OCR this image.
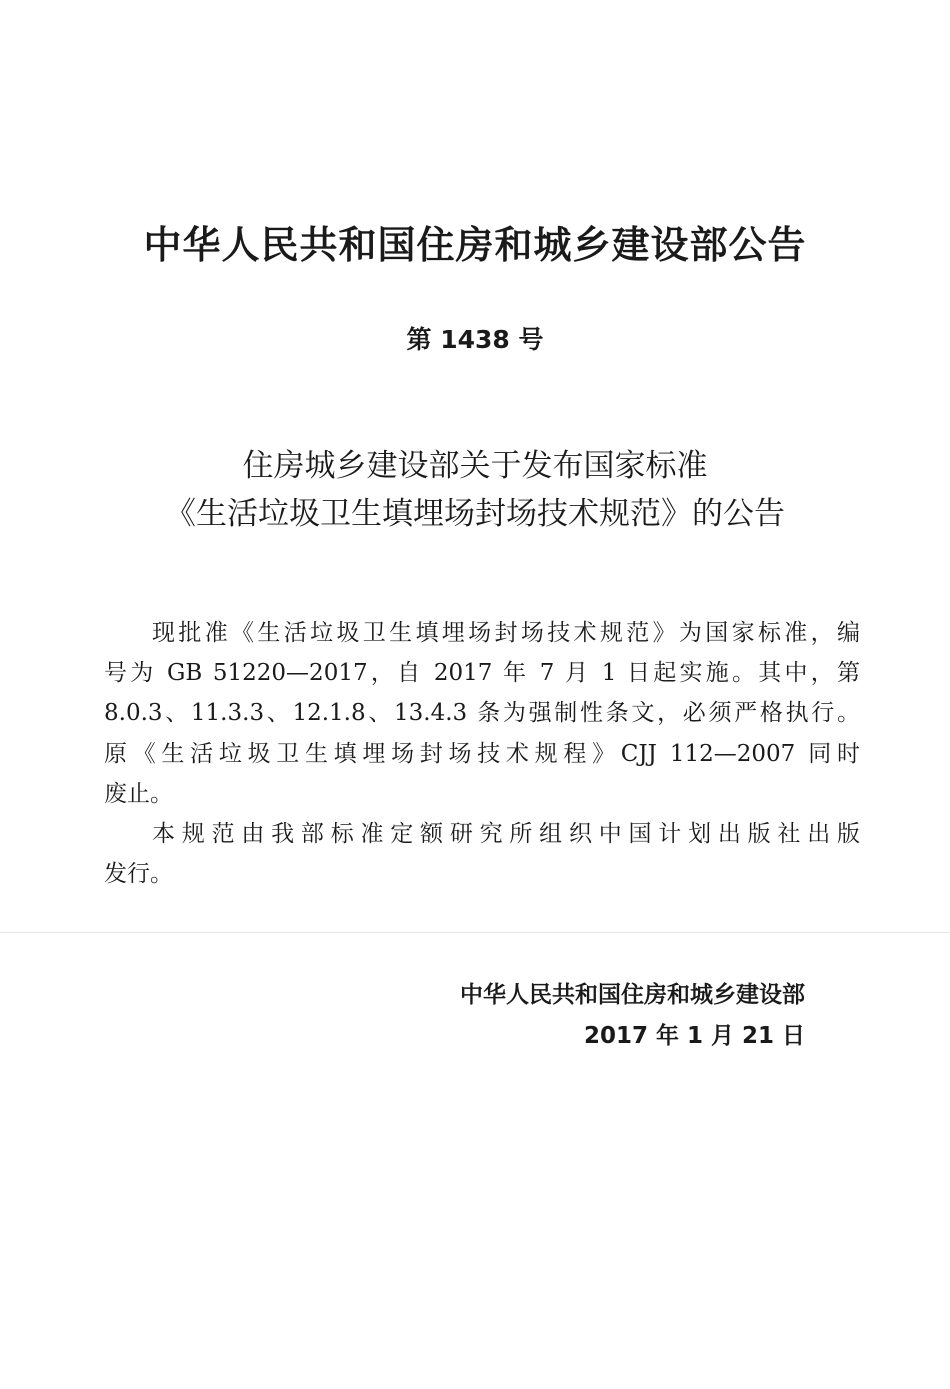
中华人民共和国住房和城乡建设部公告
第 1438 号
住房城乡建设部关于发布国家标准
《生活垃圾卫生填埋场封场技术规范》的公告
现批准《生活垃圾卫生填埋场封场技术规范》为国家标准，编
号为 GB 51220—2017，自 2017 年 7 月 1 日起实施。其中，第
8.0.3、11.3.3、12.1.8、13.4.3 条为强制性条文，必须严格执行。
原《生活垃圾卫生填埋场封场技术规程》CJJ 112—2007 同时
废止。
本规范由我部标准定额研究所组织中国计划出版社出版
发行。
中华人民共和国住房和城乡建设部
2017 年 1 月 21 日
